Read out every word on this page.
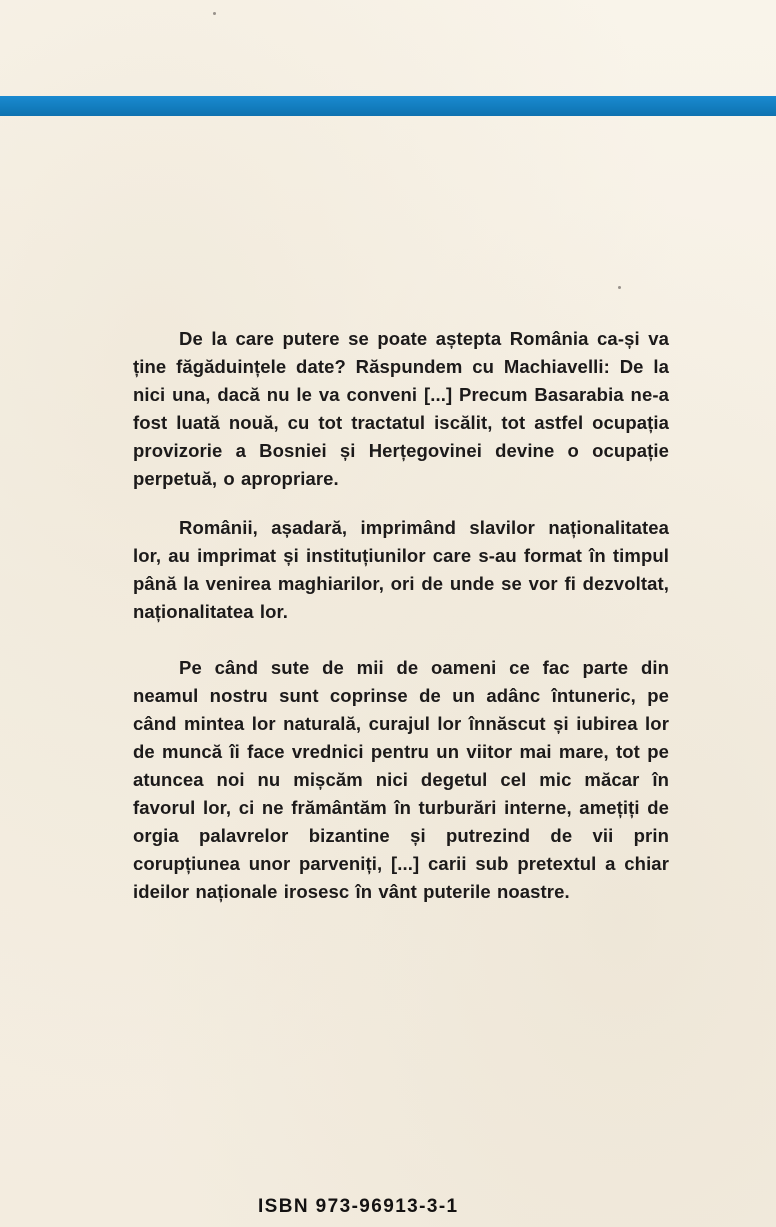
De la care putere se poate aștepta România ca-și va ține făgăduințele date? Răspundem cu Machiavelli: De la nici una, dacă nu le va conveni [...] Precum Basarabia ne-a fost luată nouă, cu tot tractatul iscălit, tot astfel ocupația provizorie a Bosniei și Herțegovinei devine o ocupație perpetuă, o apropriare.

Românii, așadară, imprimând slavilor naționalitatea lor, au imprimat și instituțiunilor care s-au format în timpul până la venirea maghiarilor, ori de unde se vor fi dezvoltat, naționalitatea lor.

Pe când sute de mii de oameni ce fac parte din neamul nostru sunt coprinse de un adânc întuneric, pe când mintea lor naturală, curajul lor înnăscut și iubirea lor de muncă îi face vrednici pentru un viitor mai mare, tot pe atuncea noi nu mișcăm nici degetul cel mic măcar în favorul lor, ci ne frământăm în turburări interne, amețiți de orgia palavrelor bizantine și putrezind de vii prin corupțiunea unor parveniți, [...] carii sub pretextul a chiar ideilor naționale irosesc în vânt puterile noastre.

ISBN 973-96913-3-1
